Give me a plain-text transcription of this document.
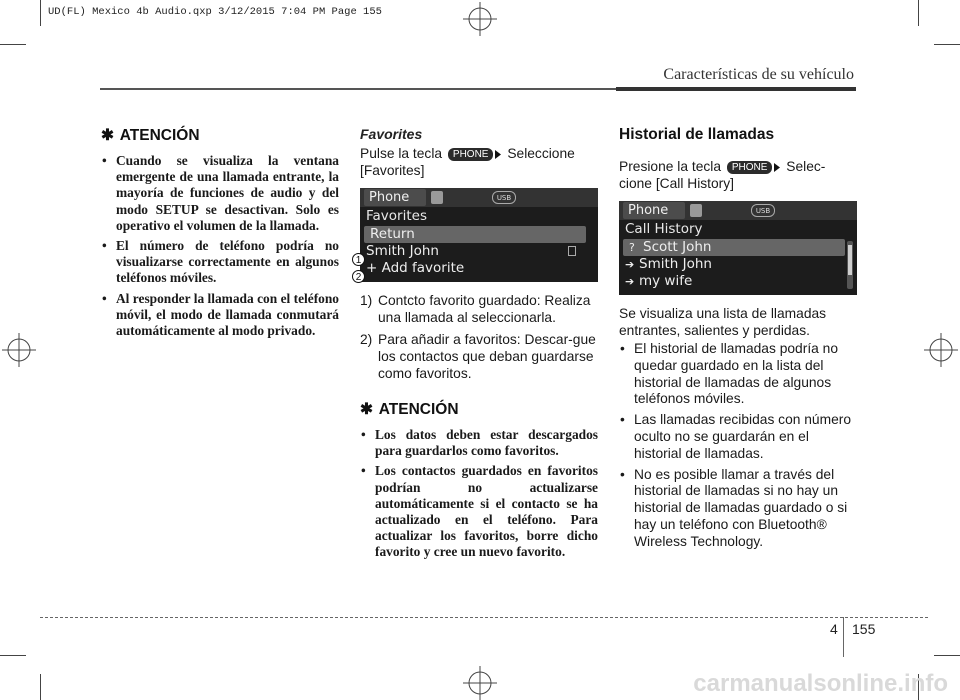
UD(FL) Mexico 4b Audio.qxp 3/12/2015 7:04 PM Page 155
Características de su vehículo
✱ ATENCIÓN
• Cuando se visualiza la ventana emergente de una llamada entrante, la mayoría de funciones de audio y del modo SETUP se desactivan. Solo es operativo el volumen de la llamada.
• El número de teléfono podría no visualizarse correctamente en algunos teléfonos móviles.
• Al responder la llamada con el teléfono móvil, el modo de llamada conmutará automáticamente al modo privado.
Favorites

Pulse la tecla	PHONE	Seleccione [Favorites]

Phone	USB
Favorites
Return
Smith John
+ Add favorite
1
2
1) Contcto favorito guardado: Realiza una llamada al seleccionarla.
2) Para añadir a favoritos: Descar-gue los contactos que deban guardarse como favoritos.
✱ ATENCIÓN
• Los datos deben estar descargados para guardarlos como favoritos.
• Los contactos guardados en favoritos podrían no actualizarse automáticamente si el contacto se ha actualizado en el teléfono. Para actualizar los favoritos, borre dicho favorito y cree un nuevo favorito.
Historial de llamadas

Presione la tecla	PHONE	Selec-cione [Call History]

Phone	USB
Call History
? Scott John
➔ Smith John
➔ my wife

Se visualiza una lista de llamadas entrantes, salientes y perdidas.

• El historial de llamadas podría no quedar guardado en la lista del historial de llamadas de algunos teléfonos móviles.
• Las llamadas recibidas con número oculto no se guardarán en el historial de llamadas.
• No es posible llamar a través del historial de llamadas si no hay un historial de llamadas guardado o si hay un teléfono con Bluetooth® Wireless Technology.
4 155
carmanualsonline.info
